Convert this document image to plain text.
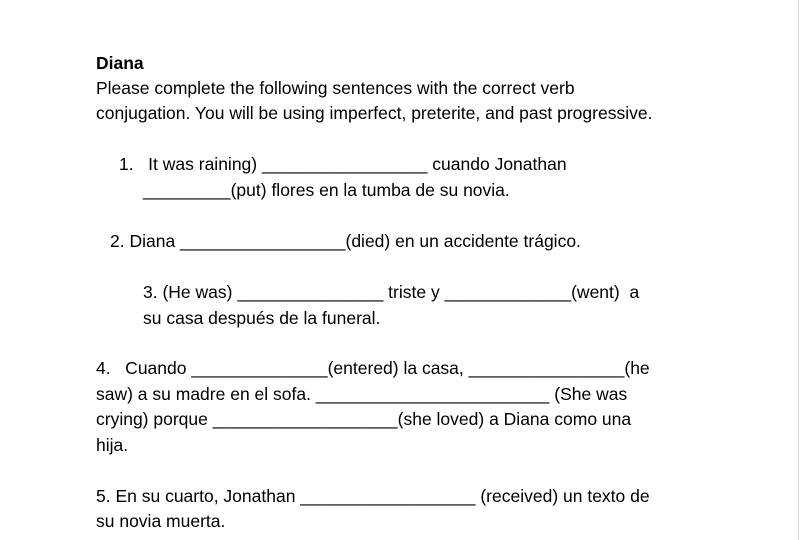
Diana
Please complete the following sentences with the correct verb
conjugation. You will be using imperfect, preterite, and past progressive.
1.   It was raining) _________________ cuando Jonathan
_________(put) flores en la tumba de su novia.
2. Diana _________________(died) en un accidente trágico.
3. (He was) _______________ triste y _____________(went)  a
su casa después de la funeral.
4.   Cuando ______________(entered) la casa, ________________(he
saw) a su madre en el sofa. ________________________ (She was
crying) porque ___________________(she loved) a Diana como una
hija.
5. En su cuarto, Jonathan __________________ (received) un texto de
su novia muerta.
